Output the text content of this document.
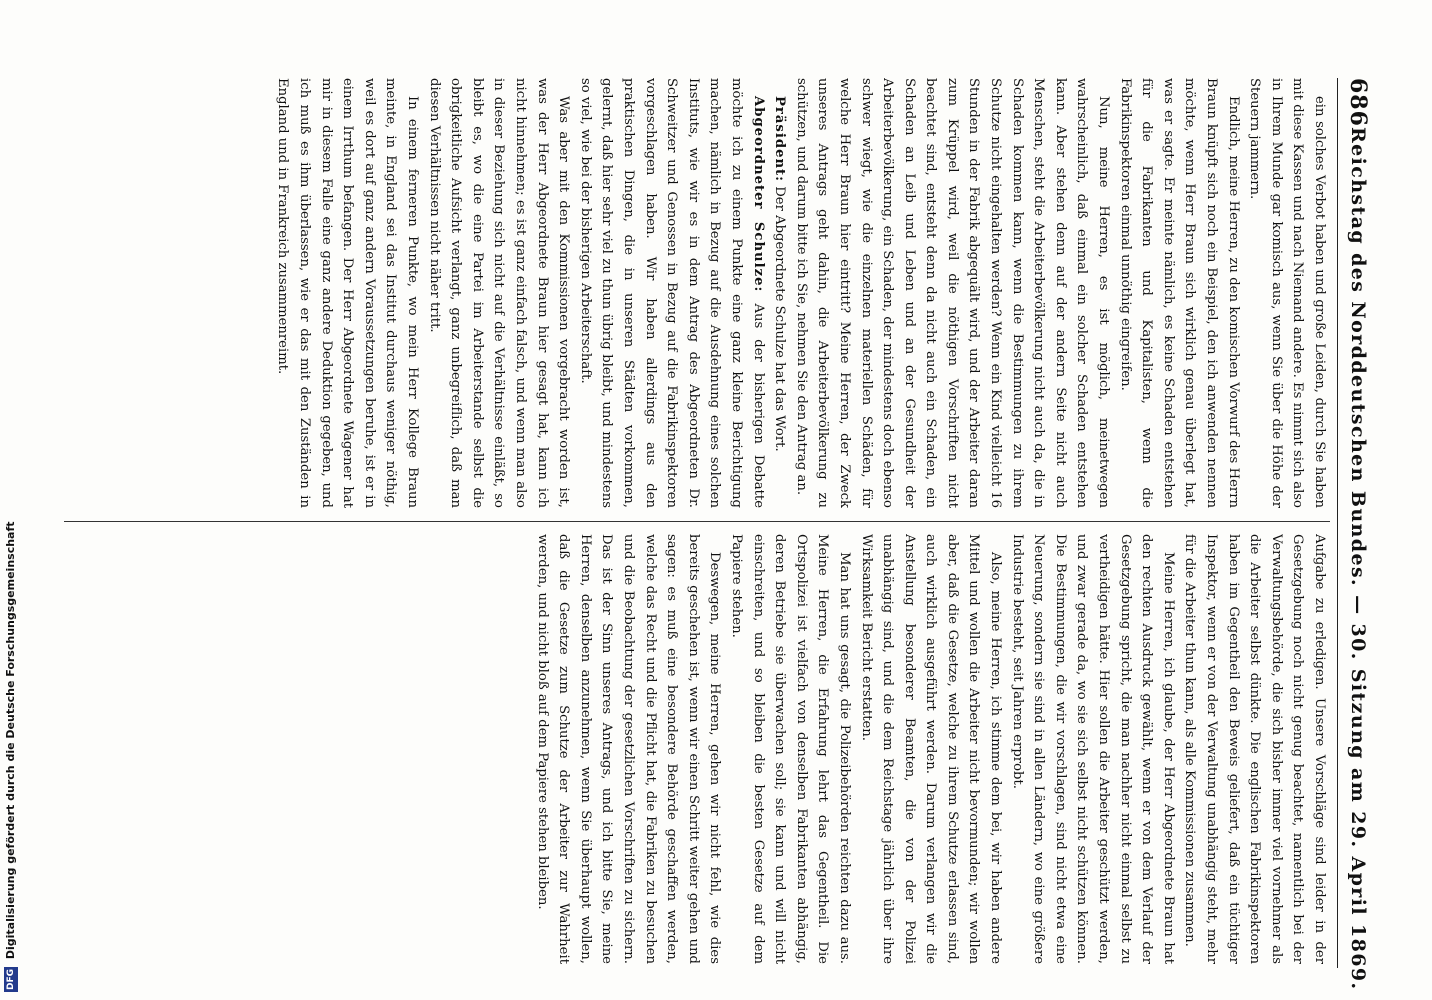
DFG Digitalisierung gefördert durch die Deutsche Forschungsgemeinschaft
686
Reichstag des Norddeutschen Bundes. — 30. Sitzung am 29. April 1869.

ein solches Verbot haben und große Leiden, durch Sie haben mit diese Kassen und nach Niemand andere. Es nimmt sich also in Ihrem Munde gar komisch aus, wenn Sie über die Höhe der Steuern jammern.

Endlich, meine Herren, zu den komischen Vorwurf des Herrn Braun knüpft sich noch ein Beispiel, den ich anwenden nennen möchte, wenn Herr Braun sich wirklich genau überlegt hat, was er sagte. Er meinte nämlich, es keine Schaden entstehen für die Fabrikanten und Kapitalisten, wenn die Fabrikinspektoren einmal unnöthig eingreifen.

Nun, meine Herren, es ist möglich, meinetwegen wahrscheinlich, daß einmal ein solcher Schaden entstehen kann. Aber stehen denn auf der andern Seite nicht auch Menschen, steht die Arbeiterbevölkerung nicht auch da, die in Schaden kommen kann, wenn die Bestimmungen zu ihrem Schutze nicht eingehalten werden? Wenn ein Kind vielleicht 16 Stunden in der Fabrik abgequält wird, und der Arbeiter daran zum Krüppel wird, weil die nöthigen Vorschriften nicht beachtet sind, entsteht denn da nicht auch ein Schaden, ein Schaden an Leib und Leben und an der Gesundheit der Arbeiterbevölkerung, ein Schaden, der mindestens doch ebenso schwer wiegt, wie die einzelnen materiellen Schäden, für welche Herr Braun hier eintritt? Meine Herren, der Zweck unseres Antrags geht dahin, die Arbeiterbevölkerung zu schützen, und darum bitte ich Sie, nehmen Sie den Antrag an.

Präsident: Der Abgeordnete Schulze hat das Wort.

Abgeordneter Schulze: Aus der bisherigen Debatte möchte ich zu einem Punkte eine ganz kleine Berichtigung machen, nämlich in Bezug auf die Ausdehnung eines solchen Instituts, wie wir es in dem Antrag des Abgeordneten Dr. Schweitzer und Genossen in Bezug auf die Fabrikinspektoren vorgeschlagen haben. Wir haben allerdings aus den praktischen Dingen, die in unseren Städten vorkommen, gelernt, daß hier sehr viel zu thun übrig bleibt, und mindestens so viel, wie bei der bisherigen Arbeiterschaft.

Was aber mit den Kommissionen vorgebracht worden ist, was der Herr Abgeordnete Braun hier gesagt hat, kann ich nicht hinnehmen; es ist ganz einfach falsch, und wenn man also in dieser Beziehung sich nicht auf die Verhältnisse einläßt, so bleibt es, wo die eine Partei im Arbeiterstande selbst die obrigkeitliche Aufsicht verlangt, ganz unbegreiflich, daß man diesen Verhältnissen nicht näher tritt.

In einem ferneren Punkte, wo mein Herr Kollege Braun meinte, in England sei das Institut durchaus weniger nöthig, weil es dort auf ganz andern Voraussetzungen beruhe, ist er in einem Irrthum befangen. Der Herr Abgeordnete Wagener hat mir in diesem Falle eine ganz andere Deduktion gegeben, und ich muß es ihm überlassen, wie er das mit den Zuständen in England und in Frankreich zusammenreimt.

Aufgabe zu erledigen. Unsere Vorschläge sind leider in der Gesetzgebung noch nicht genug beachtet, namentlich bei der Verwaltungsbehörde, die sich bisher immer viel vornehmer als die Arbeiter selbst dünkte. Die englischen Fabrikinspektoren haben im Gegentheil den Beweis geliefert, daß ein tüchtiger Inspektor, wenn er von der Verwaltung unabhängig steht, mehr für die Arbeiter thun kann, als alle Kommissionen zusammen.

Meine Herren, ich glaube, der Herr Abgeordnete Braun hat den rechten Ausdruck gewählt, wenn er von dem Verlauf der Gesetzgebung spricht, die man nachher nicht einmal selbst zu vertheidigen hätte. Hier sollen die Arbeiter geschützt werden, und zwar gerade da, wo sie sich selbst nicht schützen können. Die Bestimmungen, die wir vorschlagen, sind nicht etwa eine Neuerung, sondern sie sind in allen Ländern, wo eine größere Industrie besteht, seit Jahren erprobt.

Also, meine Herren, ich stimme dem bei, wir haben andere Mittel und wollen die Arbeiter nicht bevormunden; wir wollen aber, daß die Gesetze, welche zu ihrem Schutze erlassen sind, auch wirklich ausgeführt werden. Darum verlangen wir die Anstellung besonderer Beamten, die von der Polizei unabhängig sind, und die dem Reichstage jährlich über ihre Wirksamkeit Bericht erstatten.

Man hat uns gesagt, die Polizeibehörden reichten dazu aus. Meine Herren, die Erfahrung lehrt das Gegentheil. Die Ortspolizei ist vielfach von denselben Fabrikanten abhängig, deren Betriebe sie überwachen soll; sie kann und will nicht einschreiten, und so bleiben die besten Gesetze auf dem Papiere stehen.

Deswegen, meine Herren, gehen wir nicht fehl, wie dies bereits geschehen ist, wenn wir einen Schritt weiter gehen und sagen: es muß eine besondere Behörde geschaffen werden, welche das Recht und die Pflicht hat, die Fabriken zu besuchen und die Beobachtung der gesetzlichen Vorschriften zu sichern. Das ist der Sinn unseres Antrags, und ich bitte Sie, meine Herren, denselben anzunehmen, wenn Sie überhaupt wollen, daß die Gesetze zum Schutze der Arbeiter zur Wahrheit werden, und nicht bloß auf dem Papiere stehen bleiben.
